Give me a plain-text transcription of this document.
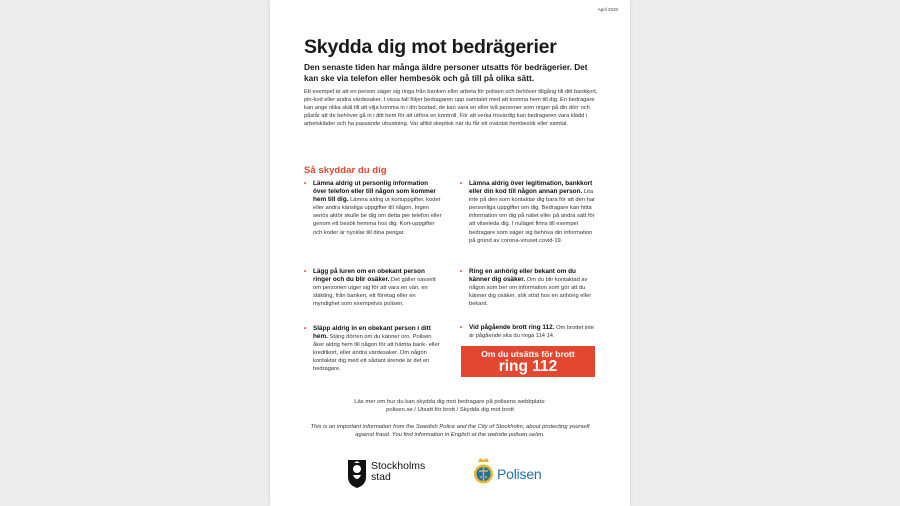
April 2020
Skydda dig mot bedrägerier
Den senaste tiden har många äldre personer utsatts för bedrägerier. Det kan ske via telefon eller hembesök och gå till på olika sätt.
Ett exempel är att en person säger sig ringa från banken eller arbeta för polisen och behöver tillgång till ditt bankkort, pin-kod eller andra värdesaker. I vissa fall följer bedragaren upp samtalet med att komma hem till dig. En bedragare kan ange olika skäl till att vilja komma in i din bostad, de kan vara en eller två personer som ringer på din dörr och påstår att de behöver gå in i ditt hem för att utföra en kontroll. För att verka trovärdig kan bedragaren vara klädd i arbetskläder och ha passande utrustning. Var alltid skeptisk när du får ett oväntat hembesök eller samtal.
Så skyddar du dig
• Lämna aldrig ut personlig information över telefon eller till någon som kommer hem till dig. Lämna aldrig ut kortuppgifter, koder eller andra känsliga uppgifter till någon. Ingen seriös aktör skulle be dig om detta per telefon eller genom ett besök hemma hos dig. Kort-uppgifter och koder är nycklar till dina pengar.
• Lägg på luren om en obekant person ringer och du blir osäker. Det gäller oavsett om personen utger sig för att vara en vän, en släkting, från banken, ett företag eller en myndighet som exempelvis polisen.
• Släpp aldrig in en obekant person i ditt hem. Stäng dörren om du känner oro. Polisen åker aldrig hem till någon för att hämta bank- eller kreditkort, eller andra värdesaker. Om någon kontaktar dig med ett sådant ärende är det en bedragare.
• Lämna aldrig över legitimation, bankkort eller din kod till någon annan person. Lita inte på den som kontaktar dig bara för att den har personliga uppgifter om dig. Bedragare kan hitta information om dig på nätet eller på andra sätt för att vilseleda dig. I nuläget finns till exempel bedragare som säger sig behöva din information på grund av corona-viruset covid-19.
• Ring en anhörig eller bekant om du känner dig osäker. Om du blir kontaktad av någon som ber om information som gör att du känner dig osäker, sök stöd hos en anhörig eller bekant.
• Vid pågående brott ring 112. Om brottet inte är pågående ska du ringa 114 14.
Om du utsätts för brott
ring 112
Läs mer om hur du kan skydda dig mot bedragare på polisens webbplats:
polisen.se / Utsatt för brott / Skydda dig mot brott
This is an important information from the Swedish Police and the City of Stockholm, about protecting yourself against fraud. You find information in English at the website polisen.se/en.
Stockholms
stad	Polisen
